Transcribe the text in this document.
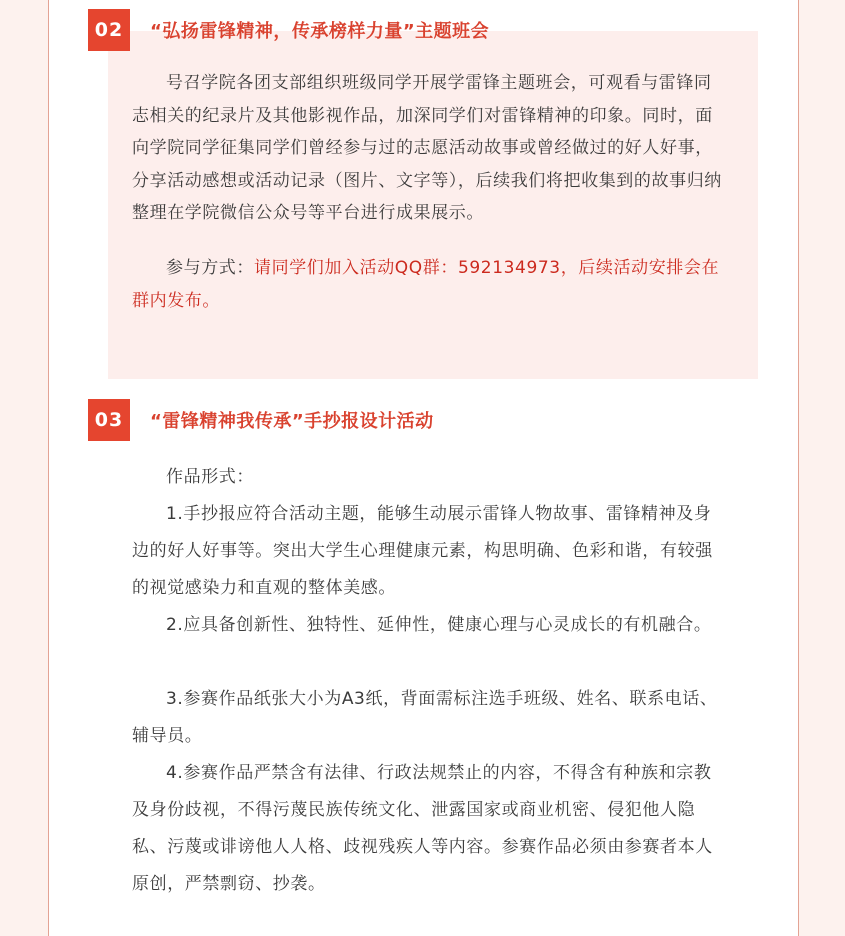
02	“弘扬雷锋精神，传承榜样力量”主题班会

号召学院各团支部组织班级同学开展学雷锋主题班会，可观看与雷锋同志相关的纪录片及其他影视作品，加深同学们对雷锋精神的印象。同时，面向学院同学征集同学们曾经参与过的志愿活动故事或曾经做过的好人好事，分享活动感想或活动记录（图片、文字等），后续我们将把收集到的故事归纳整理在学院微信公众号等平台进行成果展示。

参与方式：请同学们加入活动QQ群：592134973，后续活动安排会在群内发布。

03	“雷锋精神我传承”手抄报设计活动

作品形式：

1.手抄报应符合活动主题，能够生动展示雷锋人物故事、雷锋精神及身边的好人好事等。突出大学生心理健康元素，构思明确、色彩和谐，有较强的视觉感染力和直观的整体美感。

2.应具备创新性、独特性、延伸性，健康心理与心灵成长的有机融合。

3.参赛作品纸张大小为A3纸，背面需标注选手班级、姓名、联系电话、辅导员。

4.参赛作品严禁含有法律、行政法规禁止的内容，不得含有种族和宗教及身份歧视，不得污蔑民族传统文化、泄露国家或商业机密、侵犯他人隐私、污蔑或诽谤他人人格、歧视残疾人等内容。参赛作品必须由参赛者本人原创，严禁剽窃、抄袭。
